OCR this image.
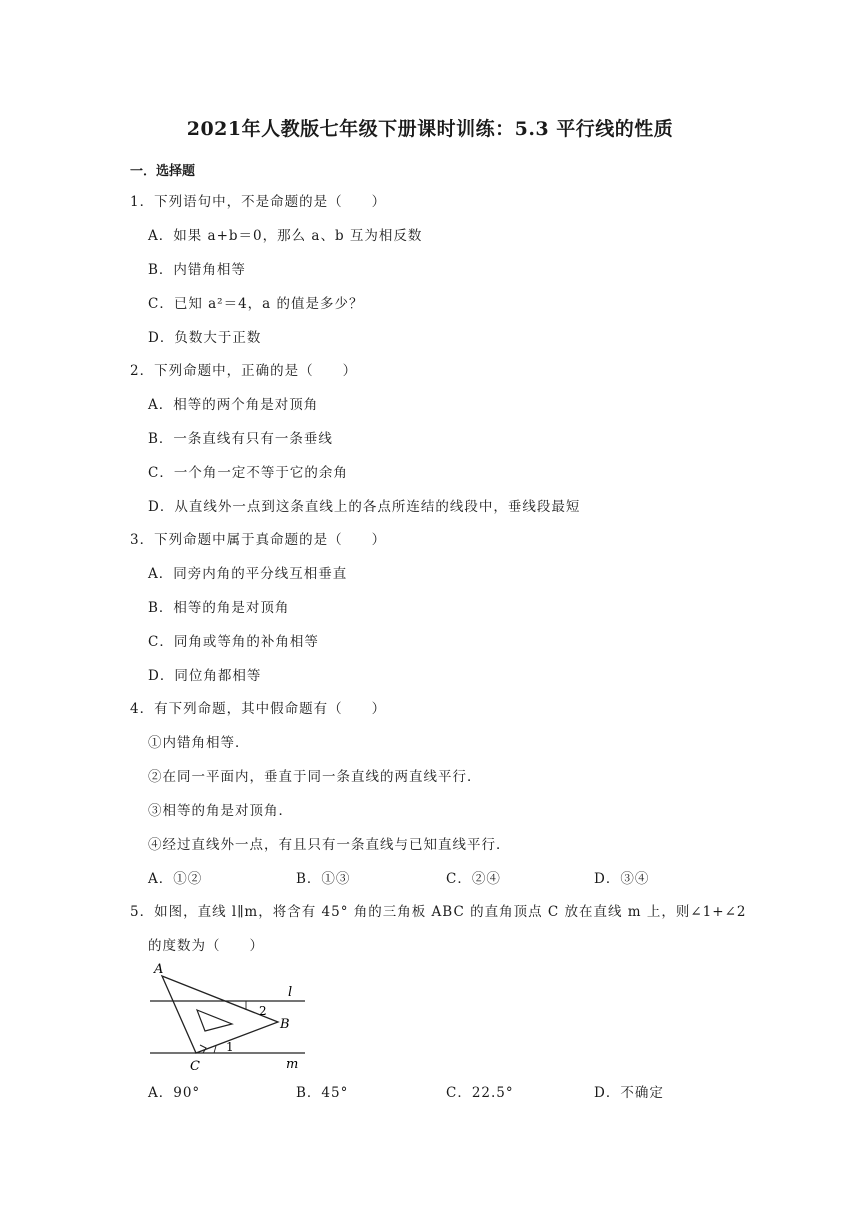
2021年人教版七年级下册课时训练：5.3 平行线的性质
一．选择题
1．下列语句中，不是命题的是（　　）
A．如果 a+b＝0，那么 a、b 互为相反数
B．内错角相等
C．已知 a²＝4，a 的值是多少？
D．负数大于正数
2．下列命题中，正确的是（　　）
A．相等的两个角是对顶角
B．一条直线有只有一条垂线
C．一个角一定不等于它的余角
D．从直线外一点到这条直线上的各点所连结的线段中，垂线段最短
3．下列命题中属于真命题的是（　　）
A．同旁内角的平分线互相垂直
B．相等的角是对顶角
C．同角或等角的补角相等
D．同位角都相等
4．有下列命题，其中假命题有（　　）
①内错角相等．
②在同一平面内，垂直于同一条直线的两直线平行．
③相等的角是对顶角．
④经过直线外一点，有且只有一条直线与已知直线平行．
A．①②	B．①③	C．②④	D．③④
5．如图，直线 l∥m，将含有 45° 角的三角板 ABC 的直角顶点 C 放在直线 m 上，则∠1+∠2
的度数为（　　）
A
B
C
l
m
1
2
A．90°	B．45°	C．22.5°	D．不确定
